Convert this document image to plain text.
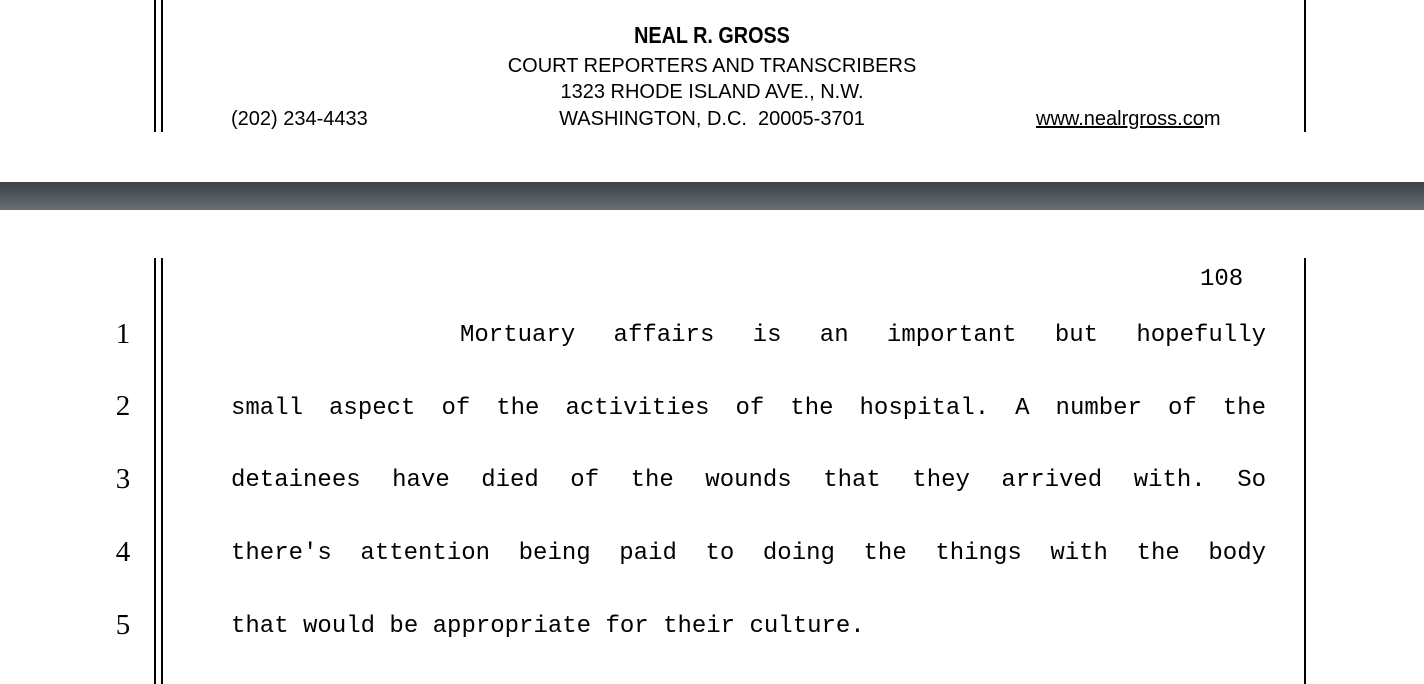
NEAL R. GROSS
COURT REPORTERS AND TRANSCRIBERS
1323 RHODE ISLAND AVE., N.W.
WASHINGTON, D.C.  20005-3701
(202) 234-4433	www.nealrgross.com
108
1
2
3
4
5
Mortuary affairs is an important but hopefully
small aspect of the activities of the hospital. A number of the
detainees have died of the wounds that they arrived with. So
there's attention being paid to doing the things with the body
that would be appropriate for their culture.
